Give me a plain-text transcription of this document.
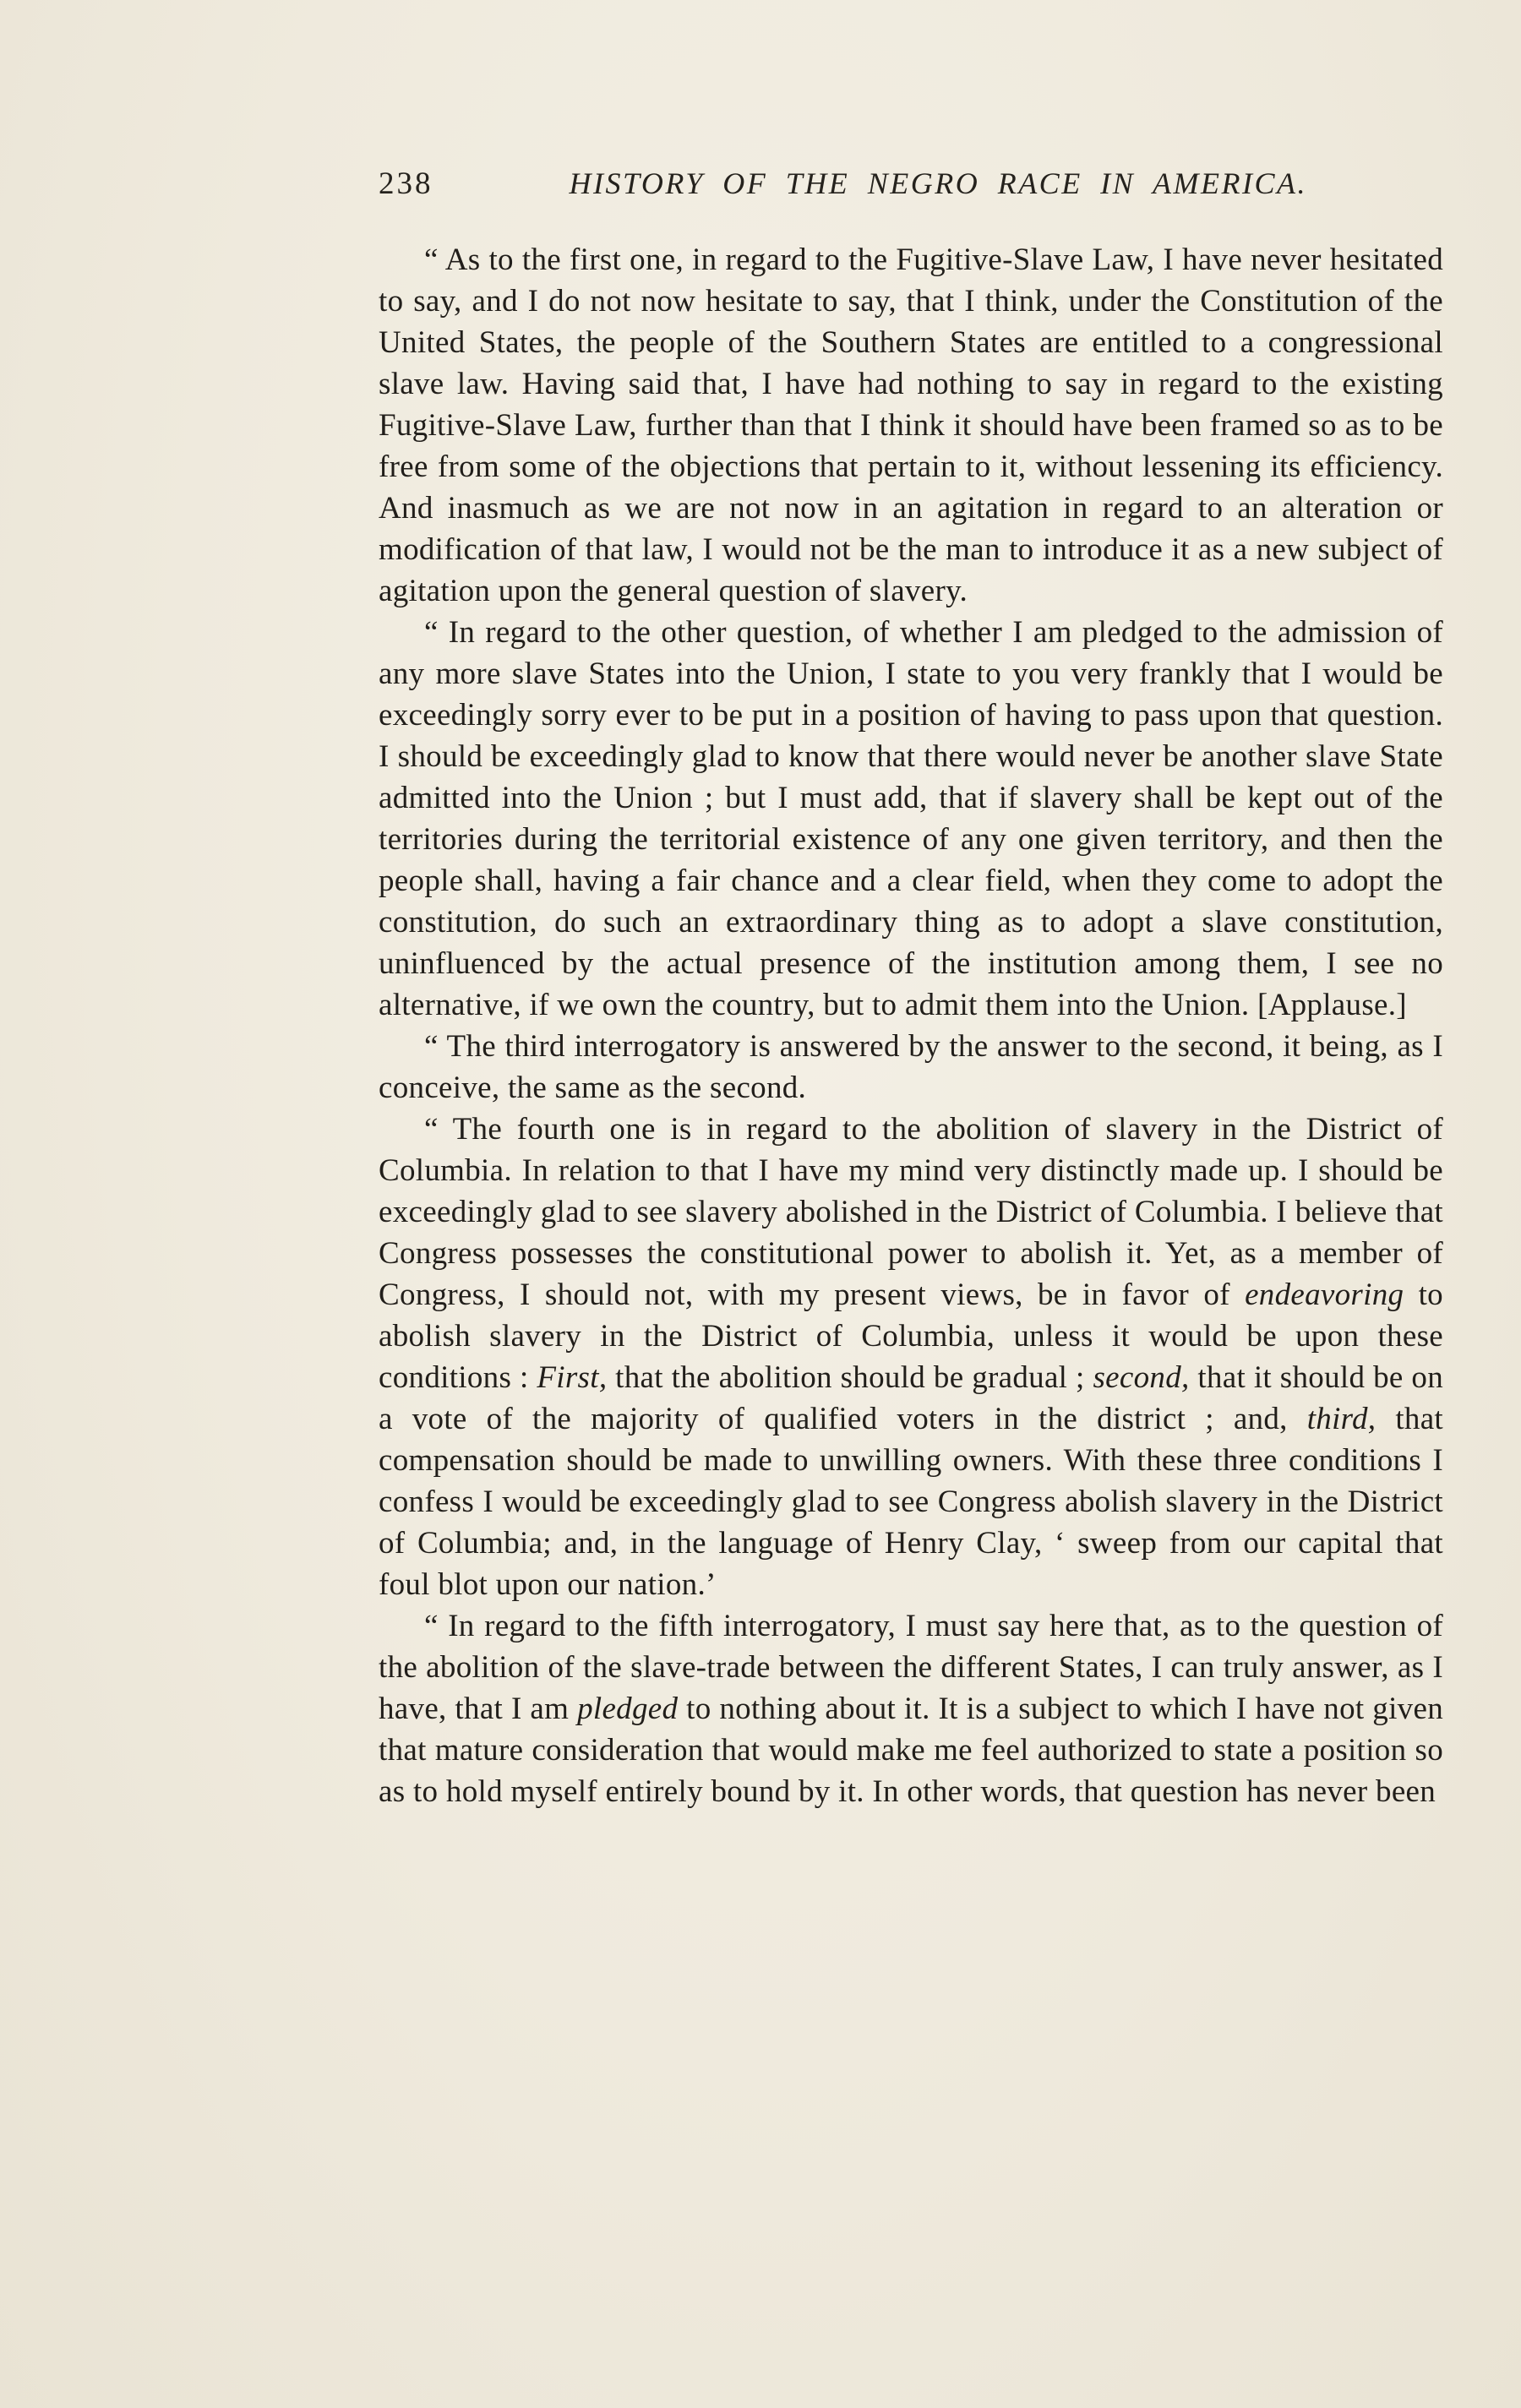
238	HISTORY OF THE NEGRO RACE IN AMERICA.

“ As to the first one, in regard to the Fugitive-Slave Law, I have never hesitated to say, and I do not now hesitate to say, that I think, under the Constitution of the United States, the people of the Southern States are entitled to a congressional slave law. Having said that, I have had nothing to say in regard to the existing Fugitive-Slave Law, further than that I think it should have been framed so as to be free from some of the objections that pertain to it, without lessening its efficiency. And inasmuch as we are not now in an agitation in regard to an alteration or modification of that law, I would not be the man to introduce it as a new subject of agitation upon the general question of slavery.

“ In regard to the other question, of whether I am pledged to the admission of any more slave States into the Union, I state to you very frankly that I would be exceedingly sorry ever to be put in a position of having to pass upon that question. I should be exceedingly glad to know that there would never be another slave State admitted into the Union ; but I must add, that if slavery shall be kept out of the territories during the territorial existence of any one given territory, and then the people shall, having a fair chance and a clear field, when they come to adopt the constitution, do such an extraordinary thing as to adopt a slave constitution, uninfluenced by the actual presence of the institution among them, I see no alternative, if we own the country, but to admit them into the Union. [Applause.]

“ The third interrogatory is answered by the answer to the second, it being, as I conceive, the same as the second.

“ The fourth one is in regard to the abolition of slavery in the District of Columbia. In relation to that I have my mind very distinctly made up. I should be exceedingly glad to see slavery abolished in the District of Columbia. I believe that Congress possesses the constitutional power to abolish it. Yet, as a member of Congress, I should not, with my present views, be in favor of endeavoring to abolish slavery in the District of Columbia, unless it would be upon these conditions : First, that the abolition should be gradual ; second, that it should be on a vote of the majority of qualified voters in the district ; and, third, that compensation should be made to unwilling owners. With these three conditions I confess I would be exceedingly glad to see Congress abolish slavery in the District of Columbia; and, in the language of Henry Clay, ‘ sweep from our capital that foul blot upon our nation.’

“ In regard to the fifth interrogatory, I must say here that, as to the question of the abolition of the slave-trade between the different States, I can truly answer, as I have, that I am pledged to nothing about it. It is a subject to which I have not given that mature consideration that would make me feel authorized to state a position so as to hold myself entirely bound by it. In other words, that question has never been
